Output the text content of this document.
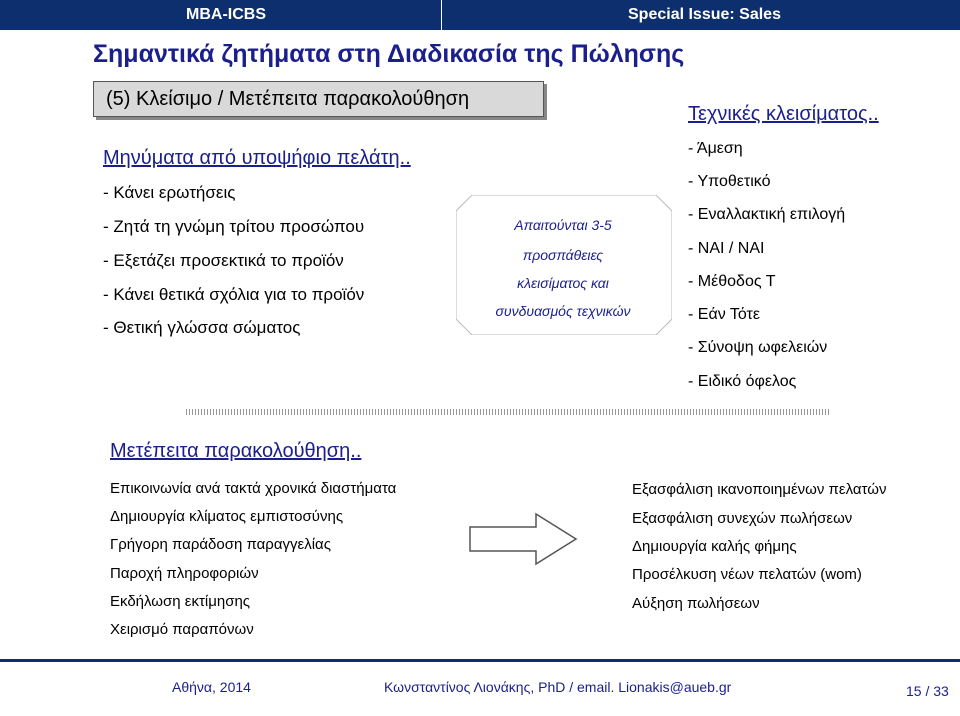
MBA-ICBS	Special Issue: Sales
Σημαντικά ζητήματα στη Διαδικασία της Πώλησης
(5) Κλείσιμο / Μετέπειτα παρακολούθηση
Μηνύματα από υποψήφιο πελάτη..
- Κάνει ερωτήσεις
- Ζητά τη γνώμη τρίτου προσώπου
- Εξετάζει προσεκτικά το προϊόν
- Κάνει θετικά σχόλια για το προϊόν
- Θετική γλώσσα σώματος
Απαιτούνται 3-5
προσπάθειες
κλεισίματος και
συνδυασμός τεχνικών
Τεχνικές κλεισίματος..
- Άμεση
- Υποθετικό
- Εναλλακτική επιλογή
- ΝΑΙ / ΝΑΙ
- Μέθοδος Τ
- Εάν Τότε
- Σύνοψη ωφελειών
- Ειδικό όφελος
Μετέπειτα παρακολούθηση..
Επικοινωνία ανά τακτά χρονικά διαστήματα
Δημιουργία κλίματος εμπιστοσύνης
Γρήγορη παράδοση παραγγελίας
Παροχή πληροφοριών
Εκδήλωση εκτίμησης
Χειρισμό παραπόνων
Εξασφάλιση ικανοποιημένων πελατών
Εξασφάλιση συνεχών πωλήσεων
Δημιουργία καλής φήμης
Προσέλκυση νέων πελατών (wom)
Αύξηση πωλήσεων
Αθήνα, 2014	Κωνσταντίνος Λιονάκης, PhD / email. Lionakis@aueb.gr	15 / 33
